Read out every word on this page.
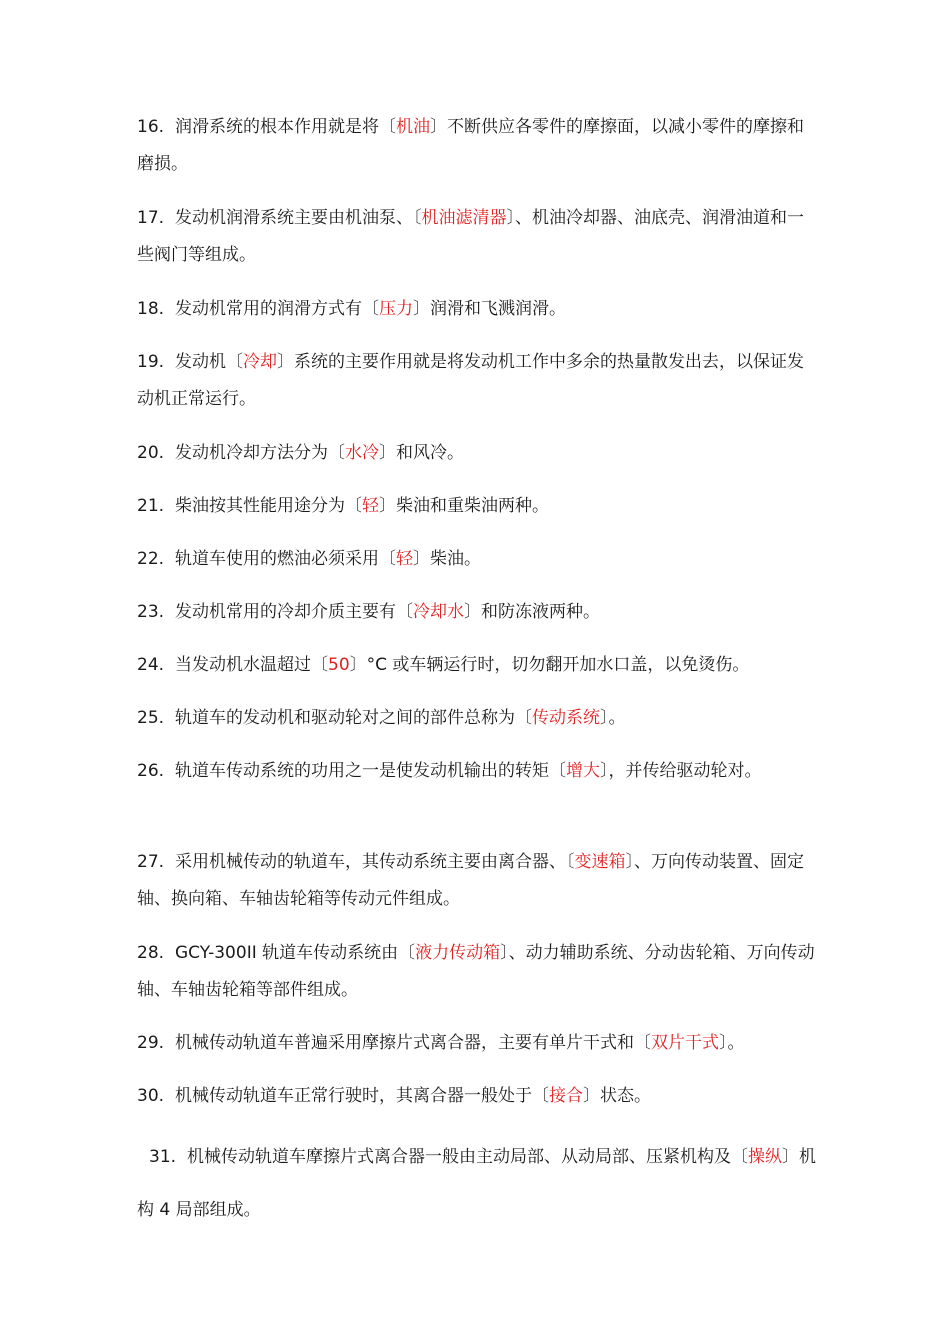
16. 润滑系统的根本作用就是将〔机油〕不断供应各零件的摩擦面，以减小零件的摩擦和磨损。
17. 发动机润滑系统主要由机油泵、〔机油滤清器〕、机油冷却器、油底壳、润滑油道和一些阀门等组成。
18. 发动机常用的润滑方式有〔压力〕润滑和飞溅润滑。
19. 发动机〔冷却〕系统的主要作用就是将发动机工作中多余的热量散发出去，以保证发动机正常运行。
20. 发动机冷却方法分为〔水冷〕和风冷。
21. 柴油按其性能用途分为〔轻〕柴油和重柴油两种。
22. 轨道车使用的燃油必须采用〔轻〕柴油。
23. 发动机常用的冷却介质主要有〔冷却水〕和防冻液两种。
24. 当发动机水温超过〔50〕°C 或车辆运行时，切勿翻开加水口盖，以免烫伤。
25. 轨道车的发动机和驱动轮对之间的部件总称为〔传动系统〕。
26. 轨道车传动系统的功用之一是使发动机输出的转矩〔增大〕，并传给驱动轮对。
27. 采用机械传动的轨道车，其传动系统主要由离合器、〔变速箱〕、万向传动装置、固定轴、换向箱、车轴齿轮箱等传动元件组成。
28. GCY-300II 轨道车传动系统由〔液力传动箱〕、动力辅助系统、分动齿轮箱、万向传动轴、车轴齿轮箱等部件组成。
29. 机械传动轨道车普遍采用摩擦片式离合器，主要有单片干式和〔双片干式〕。
30. 机械传动轨道车正常行驶时，其离合器一般处于〔接合〕状态。
31. 机械传动轨道车摩擦片式离合器一般由主动局部、从动局部、压紧机构及〔操纵〕机构 4 局部组成。
